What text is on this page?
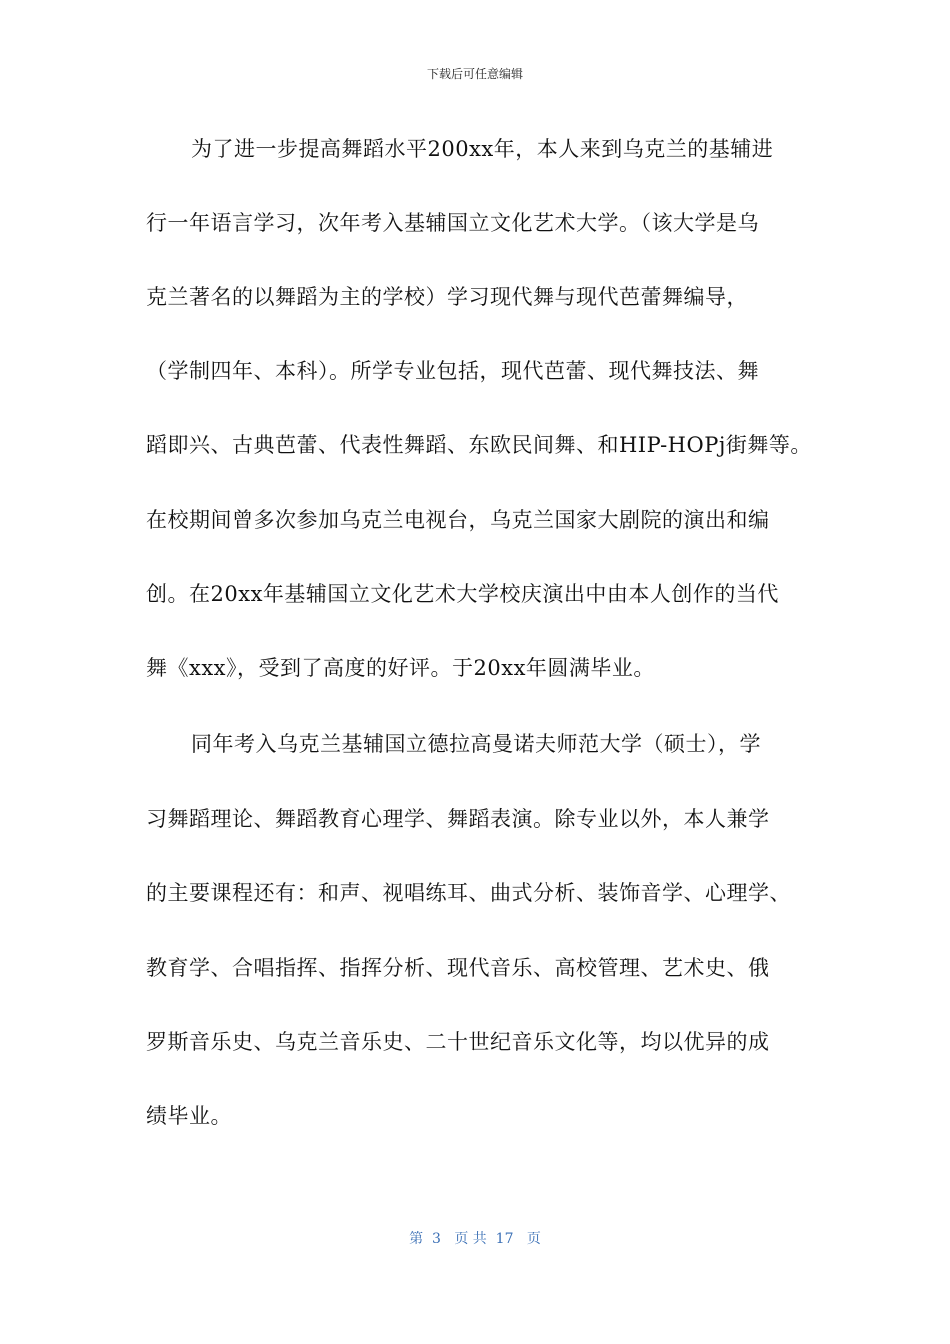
下载后可任意编辑
为了进一步提高舞蹈水平200xx年，本人来到乌克兰的基辅进
行一年语言学习，次年考入基辅国立文化艺术大学。（该大学是乌
克兰著名的以舞蹈为主的学校）学习现代舞与现代芭蕾舞编导，
（学制四年、本科）。所学专业包括，现代芭蕾、现代舞技法、舞
蹈即兴、古典芭蕾、代表性舞蹈、东欧民间舞、和HIP-HOPj街舞等。
在校期间曾多次参加乌克兰电视台，乌克兰国家大剧院的演出和编
创。在20xx年基辅国立文化艺术大学校庆演出中由本人创作的当代
舞《xxx》，受到了高度的好评。于20xx年圆满毕业。
同年考入乌克兰基辅国立德拉高曼诺夫师范大学（硕士），学
习舞蹈理论、舞蹈教育心理学、舞蹈表演。除专业以外，本人兼学
的主要课程还有：和声、视唱练耳、曲式分析、装饰音学、心理学、
教育学、合唱指挥、指挥分析、现代音乐、高校管理、艺术史、俄
罗斯音乐史、乌克兰音乐史、二十世纪音乐文化等，均以优异的成
绩毕业。
第  3   页 共  17   页
